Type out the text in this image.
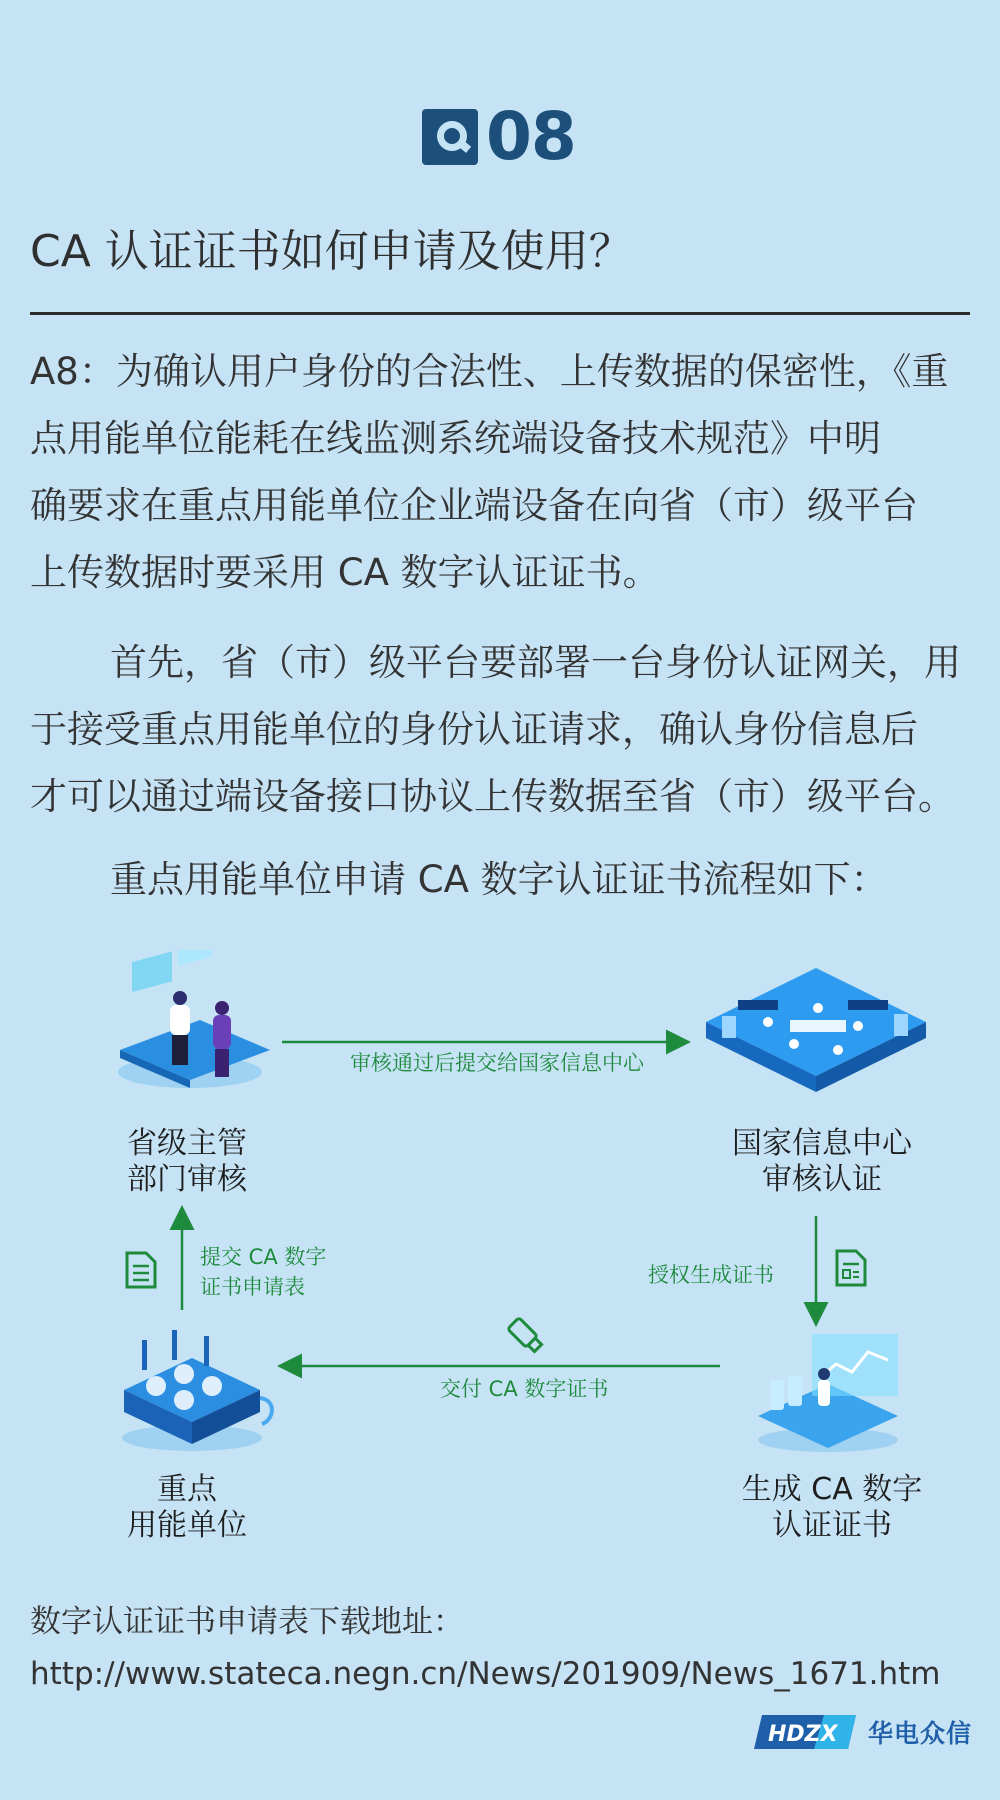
08
CA 认证证书如何申请及使用？
A8：为确认用户身份的合法性、上传数据的保密性，《重
点用能单位能耗在线监测系统端设备技术规范》中明
确要求在重点用能单位企业端设备在向省（市）级平台
上传数据时要采用 CA 数字认证证书。
首先，省（市）级平台要部署一台身份认证网关，用
于接受重点用能单位的身份认证请求，确认身份信息后
才可以通过端设备接口协议上传数据至省（市）级平台。
重点用能单位申请 CA 数字认证证书流程如下：
省级主管
部门审核
国家信息中心
审核认证
生成 CA 数字
认证证书
重点
用能单位
审核通过后提交给国家信息中心
授权生成证书
交付 CA 数字证书
提交 CA 数字
证书申请表
数字认证证书申请表下载地址：
http://www.stateca.negn.cn/News/201909/News_1671.htm
HDZX 华电众信
